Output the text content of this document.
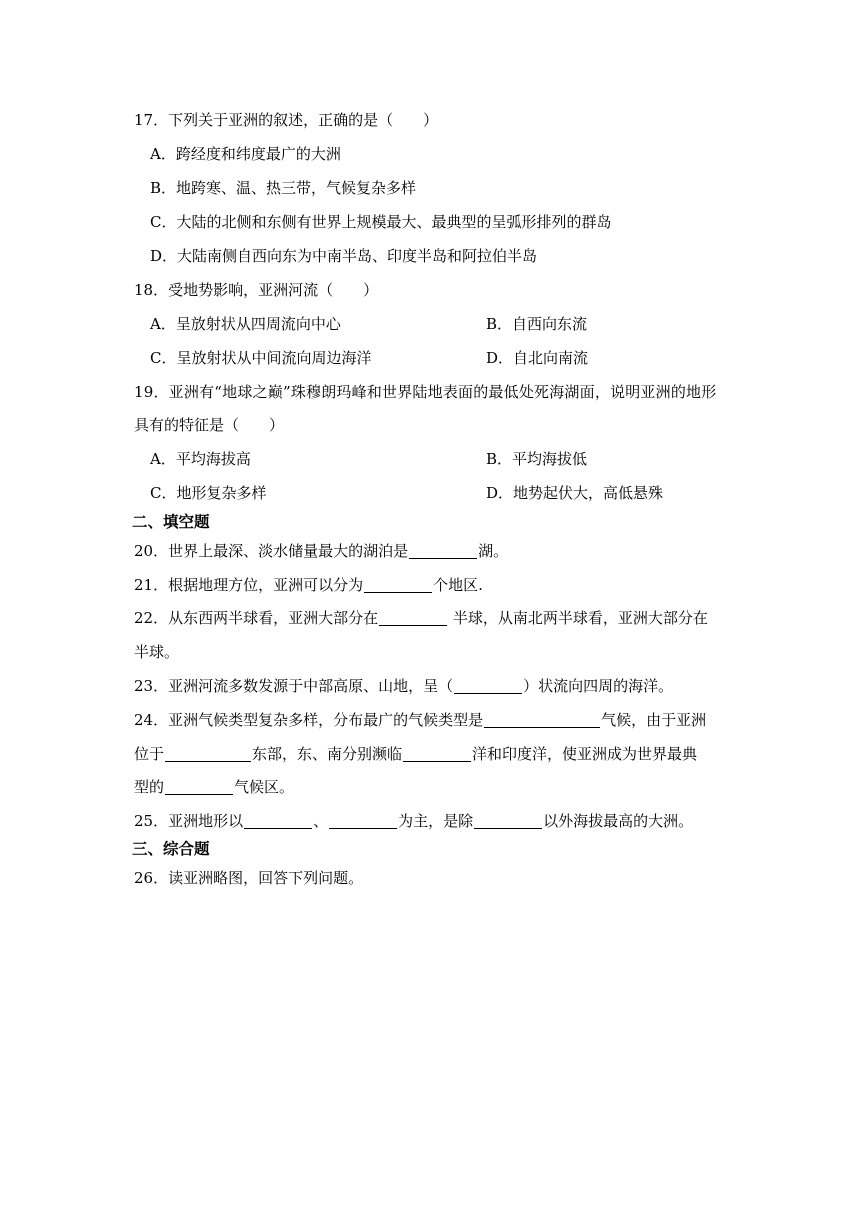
17．下列关于亚洲的叙述，正确的是（　　）
A．跨经度和纬度最广的大洲
B．地跨寒、温、热三带，气候复杂多样
C．大陆的北侧和东侧有世界上规模最大、最典型的呈弧形排列的群岛
D．大陆南侧自西向东为中南半岛、印度半岛和阿拉伯半岛
18．受地势影响，亚洲河流（　　）
A．呈放射状从四周流向中心	B．自西向东流
C．呈放射状从中间流向周边海洋	D．自北向南流
19．亚洲有“地球之巅”珠穆朗玛峰和世界陆地表面的最低处死海湖面，说明亚洲的地形
具有的特征是（　　）
A．平均海拔高	B．平均海拔低
C．地形复杂多样	D．地势起伏大，高低悬殊
二、填空题
20．世界上最深、淡水储量最大的湖泊是	湖。
21．根据地理方位，亚洲可以分为	个地区.
22．从东西两半球看，亚洲大部分在	半球，从南北两半球看，亚洲大部分在
半球。
23．亚洲河流多数发源于中部高原、山地，呈（	）状流向四周的海洋。
24．亚洲气候类型复杂多样，分布最广的气候类型是	气候，由于亚洲
位于	东部，东、南分别濒临	洋和印度洋，使亚洲成为世界最典
型的	气候区。
25．亚洲地形以	、	为主，是除	以外海拔最高的大洲。
三、综合题
26．读亚洲略图，回答下列问题。
